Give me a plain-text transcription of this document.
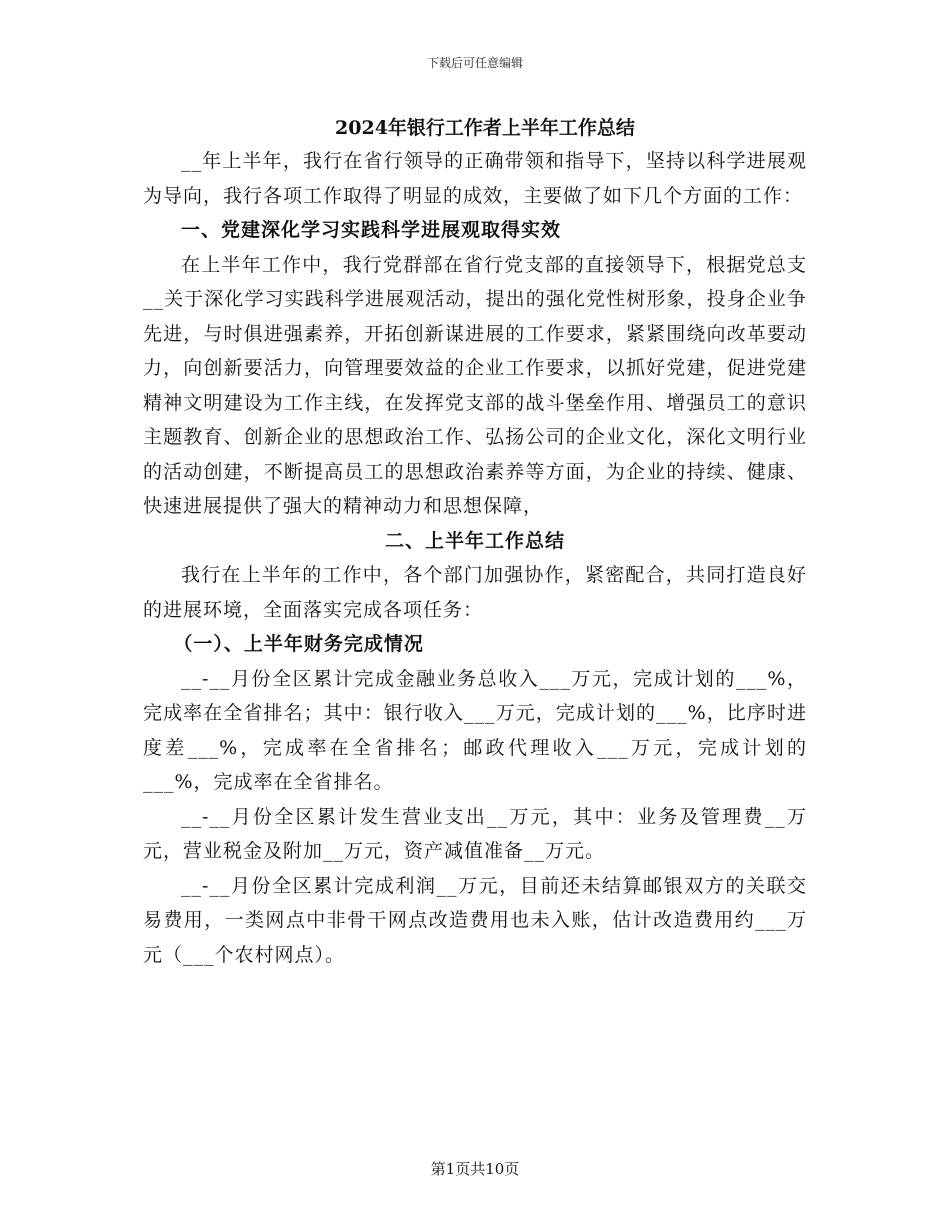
下载后可任意编辑

2024年银行工作者上半年工作总结

__年上半年，我行在省行领导的正确带领和指导下，坚持以科学进展观为导向，我行各项工作取得了明显的成效，主要做了如下几个方面的工作：

一、党建深化学习实践科学进展观取得实效

在上半年工作中，我行党群部在省行党支部的直接领导下，根据党总支__关于深化学习实践科学进展观活动，提出的强化党性树形象，投身企业争先进，与时俱进强素养，开拓创新谋进展的工作要求，紧紧围绕向改革要动力，向创新要活力，向管理要效益的企业工作要求，以抓好党建，促进党建精神文明建设为工作主线，在发挥党支部的战斗堡垒作用、增强员工的意识主题教育、创新企业的思想政治工作、弘扬公司的企业文化，深化文明行业的活动创建，不断提高员工的思想政治素养等方面，为企业的持续、健康、快速进展提供了强大的精神动力和思想保障，

二、上半年工作总结

我行在上半年的工作中，各个部门加强协作，紧密配合，共同打造良好的进展环境，全面落实完成各项任务：

（一）、上半年财务完成情况

__-__月份全区累计完成金融业务总收入___万元，完成计划的___%，完成率在全省排名；其中：银行收入___万元，完成计划的___%，比序时进度差___%，完成率在全省排名；邮政代理收入___万元，完成计划的___%，完成率在全省排名。

__-__月份全区累计发生营业支出__万元，其中：业务及管理费__万元，营业税金及附加__万元，资产减值准备__万元。

__-__月份全区累计完成利润__万元，目前还未结算邮银双方的关联交易费用，一类网点中非骨干网点改造费用也未入账，估计改造费用约___万元（___个农村网点）。

第1页共10页
